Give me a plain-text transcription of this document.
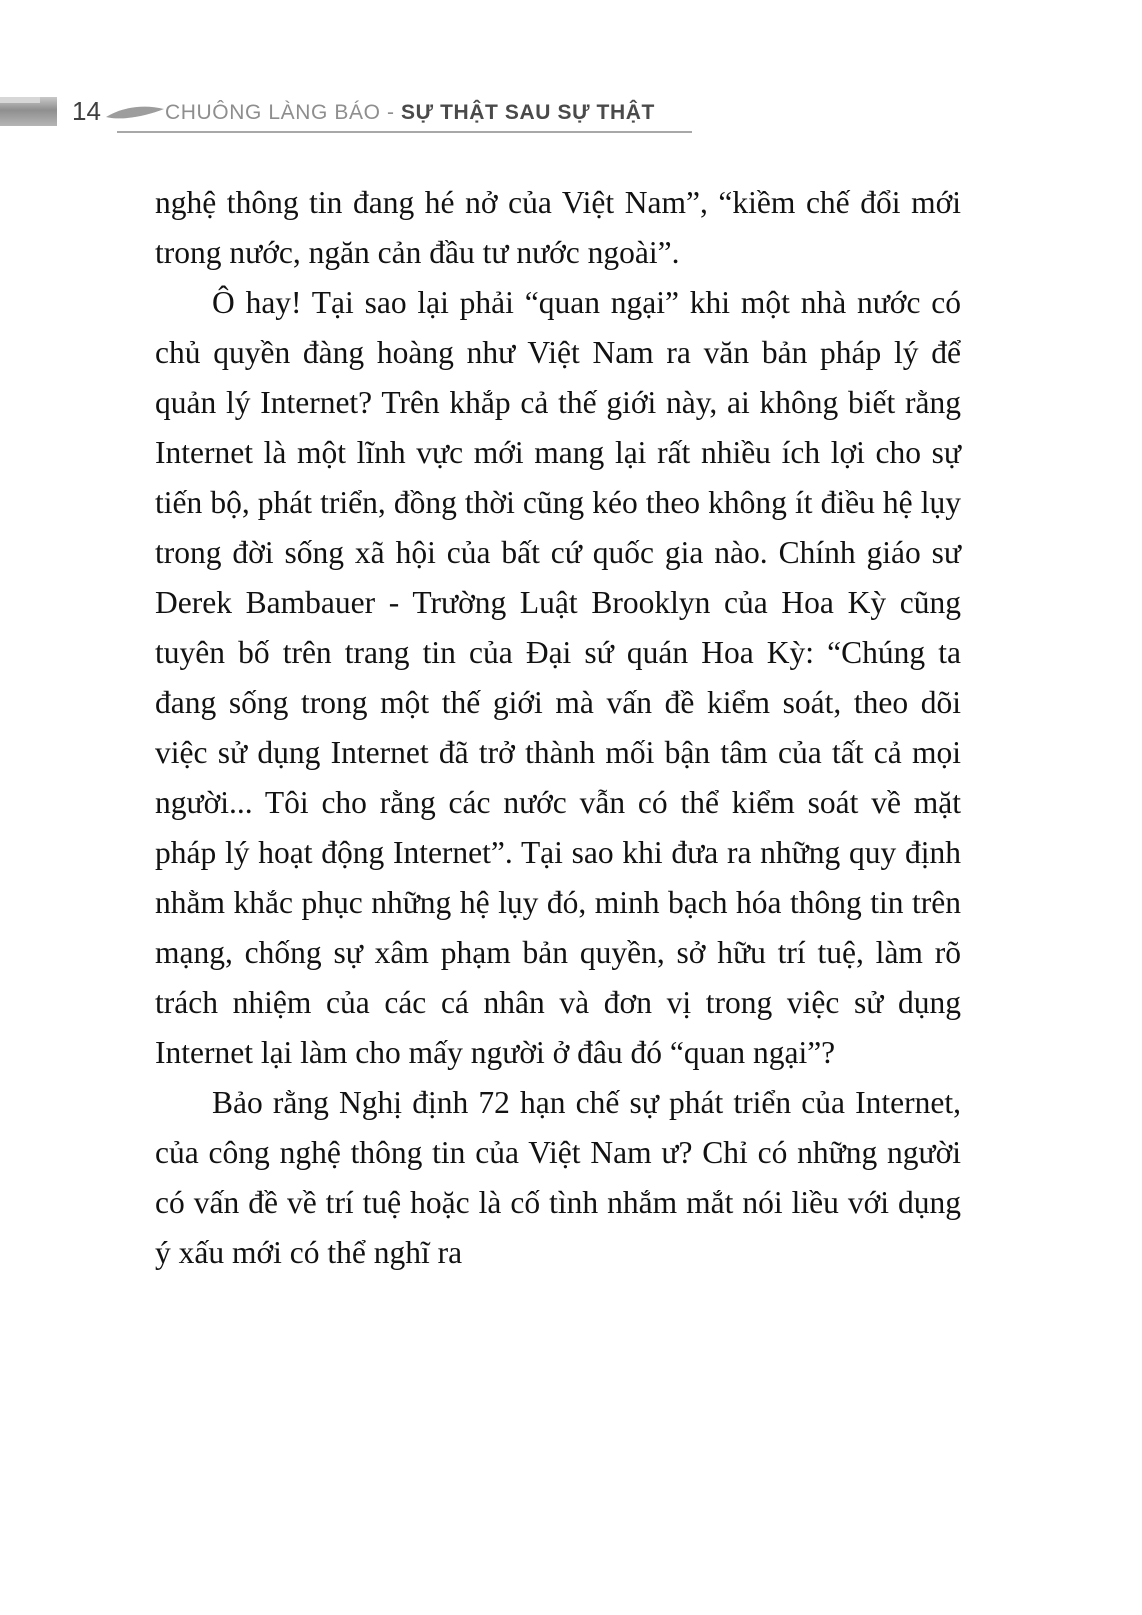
14	CHUÔNG LÀNG BÁO - SỰ THẬT SAU SỰ THẬT

nghệ thông tin đang hé nở của Việt Nam”, “kiềm chế đổi mới trong nước, ngăn cản đầu tư nước ngoài”.

Ô hay! Tại sao lại phải “quan ngại” khi một nhà nước có chủ quyền đàng hoàng như Việt Nam ra văn bản pháp lý để quản lý Internet? Trên khắp cả thế giới này, ai không biết rằng Internet là một lĩnh vực mới mang lại rất nhiều ích lợi cho sự tiến bộ, phát triển, đồng thời cũng kéo theo không ít điều hệ lụy trong đời sống xã hội của bất cứ quốc gia nào. Chính giáo sư Derek Bambauer - Trường Luật Brooklyn của Hoa Kỳ cũng tuyên bố trên trang tin của Đại sứ quán Hoa Kỳ: “Chúng ta đang sống trong một thế giới mà vấn đề kiểm soát, theo dõi việc sử dụng Internet đã trở thành mối bận tâm của tất cả mọi người... Tôi cho rằng các nước vẫn có thể kiểm soát về mặt pháp lý hoạt động Internet”. Tại sao khi đưa ra những quy định nhằm khắc phục những hệ lụy đó, minh bạch hóa thông tin trên mạng, chống sự xâm phạm bản quyền, sở hữu trí tuệ, làm rõ trách nhiệm của các cá nhân và đơn vị trong việc sử dụng Internet lại làm cho mấy người ở đâu đó “quan ngại”?

Bảo rằng Nghị định 72 hạn chế sự phát triển của Internet, của công nghệ thông tin của Việt Nam ư? Chỉ có những người có vấn đề về trí tuệ hoặc là cố tình nhắm mắt nói liều với dụng ý xấu mới có thể nghĩ ra
